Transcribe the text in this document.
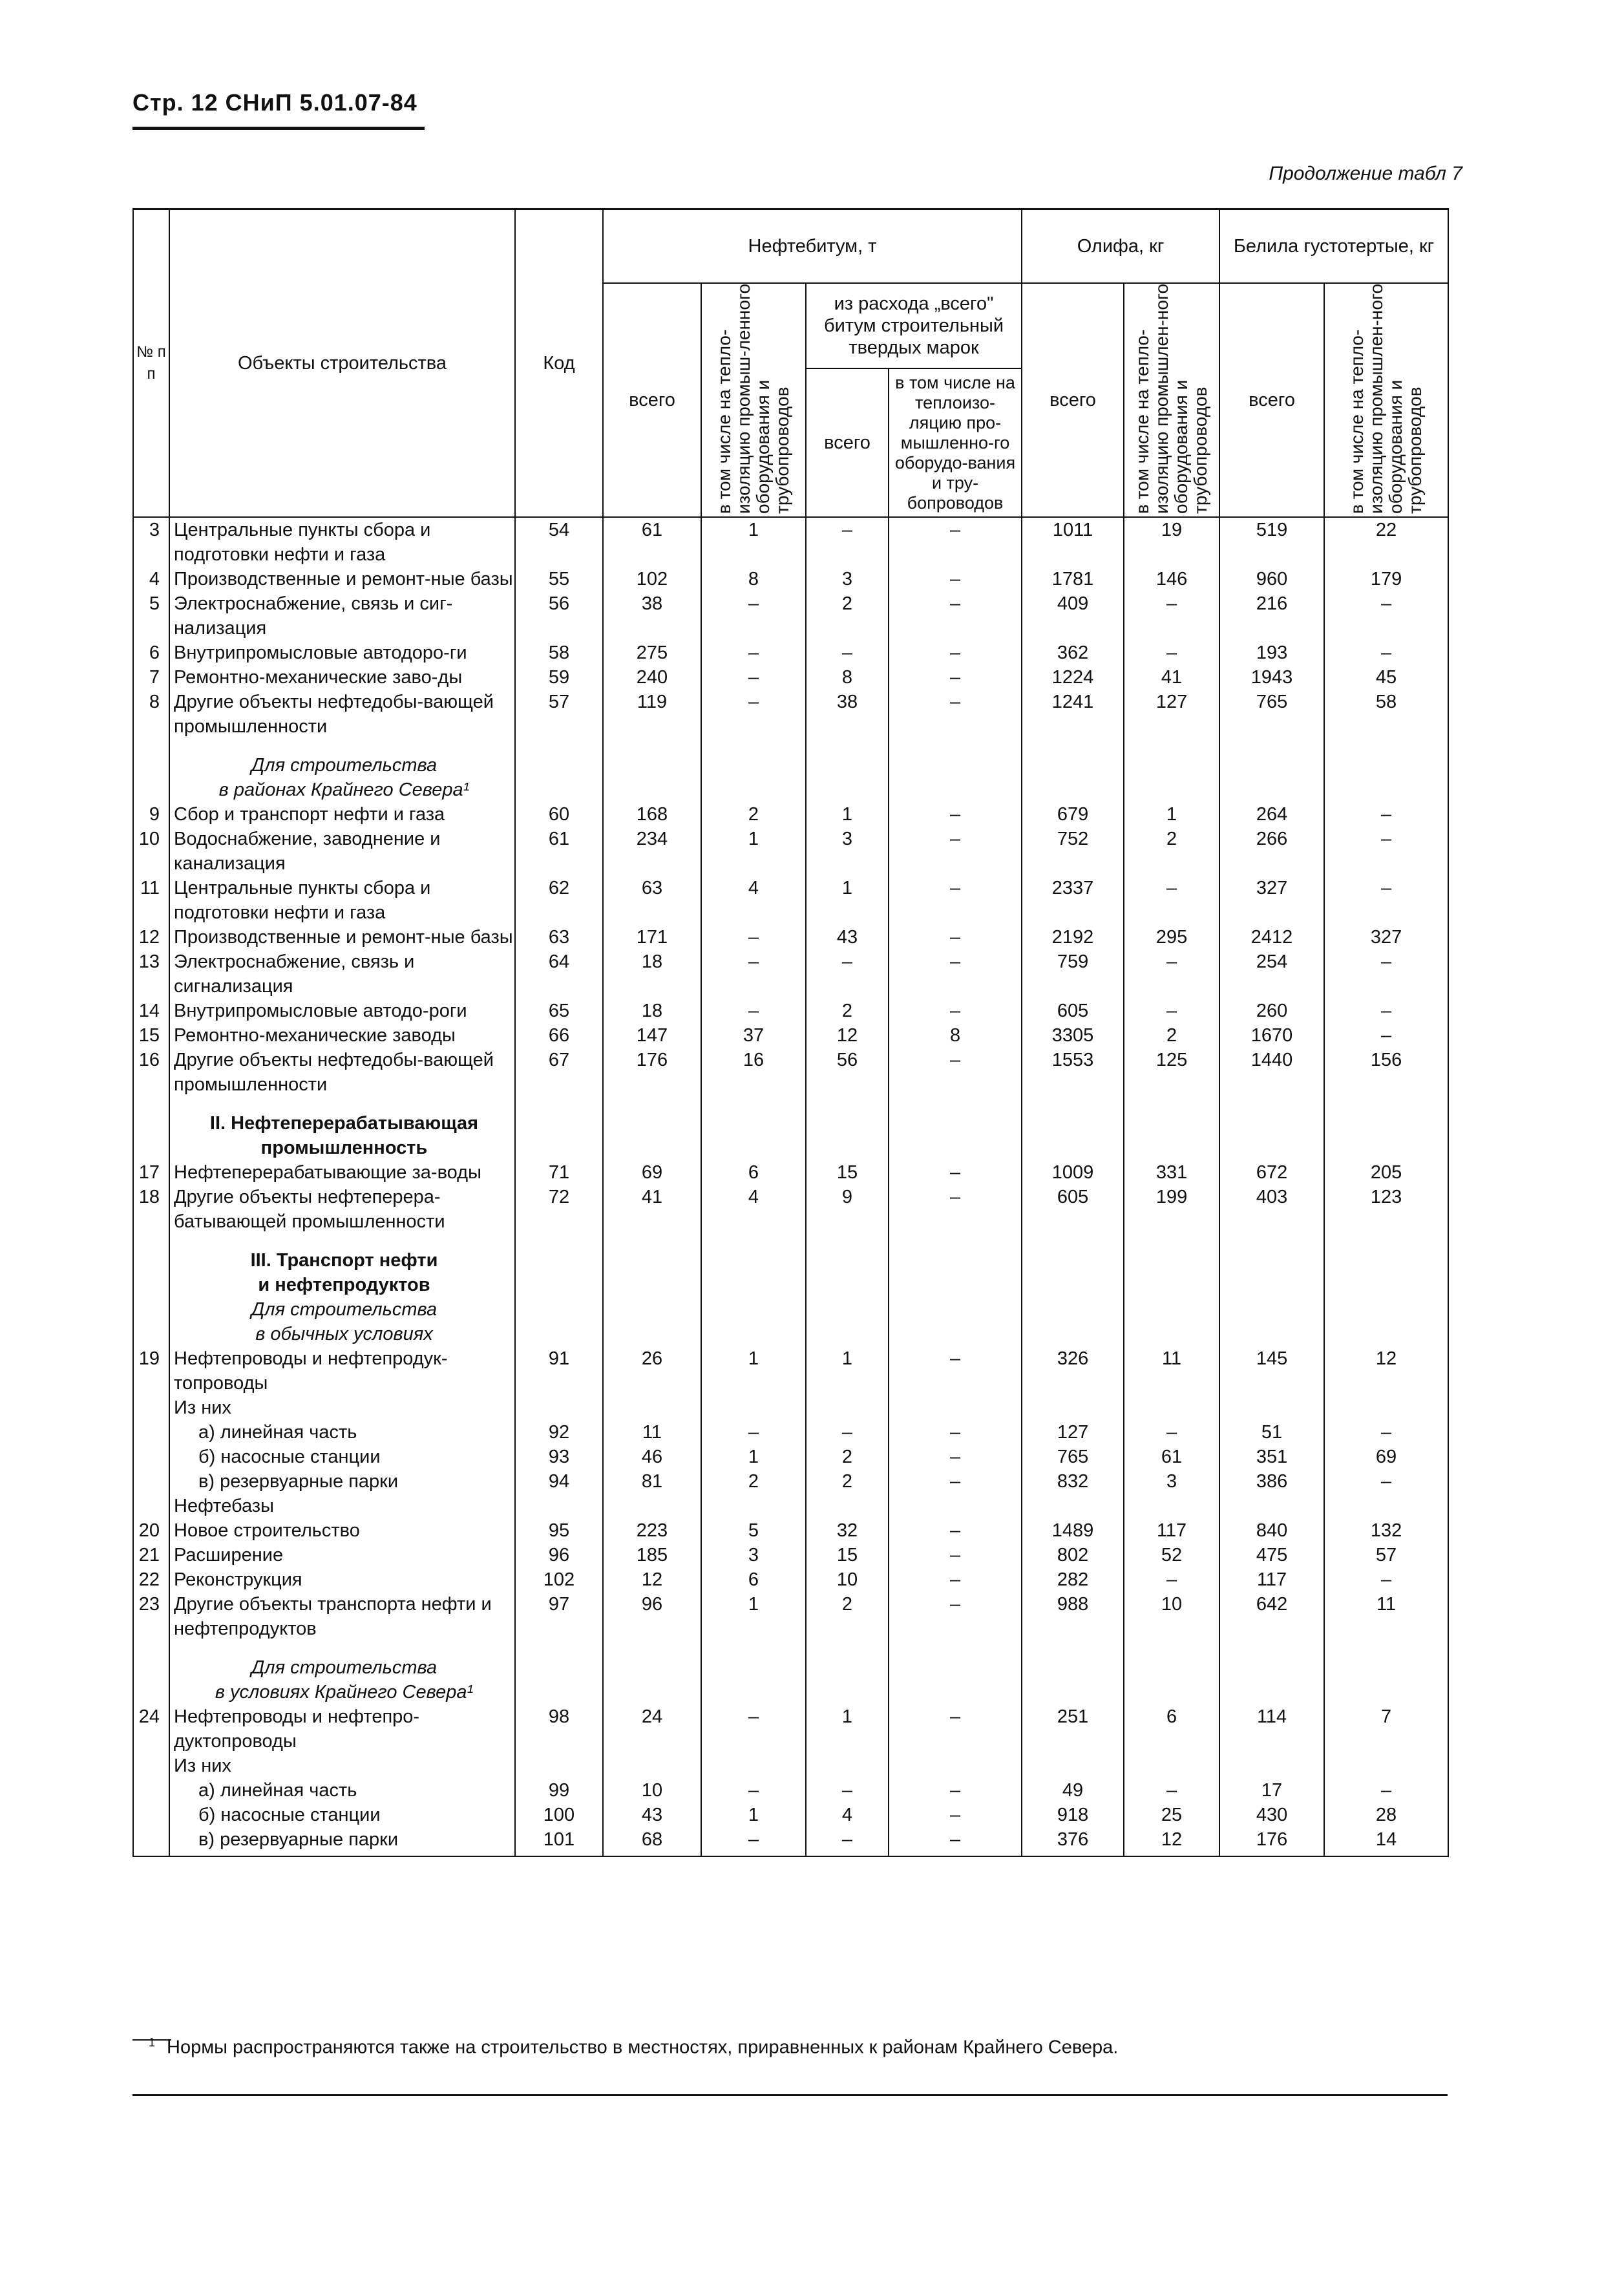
Стр. 12 СНиП 5.01.07-84
Продолжение табл 7
№ п п	Объекты строительства	Код	Нефтебитум, т				Олифа, кг		Белила густотертые, кг	
			всего	в том числе на тепло-изоляцию промыш-ленного оборудования и трубопроводов	из расхода „всего" битум строительный твердых марок		всего	в том числе на тепло-изоляцию промышлен-ного оборудования и трубопроводов	всего	в том числе на тепло-изоляцию промышлен-ного оборудования и трубопроводов
					всего	в том числе на теплоизо-ляцию про-мышленно-го оборудо-вания и тру-бопроводов				
3	Центральные пункты сбора и подготовки нефти и газа	54	61	1	–	–	1011	19	519	22
4	Производственные и ремонт-ные базы	55	102	8	3	–	1781	146	960	179
5	Электроснабжение, связь и сиг-нализация	56	38	–	2	–	409	–	216	–
6	Внутрипромысловые автодоро-ги	58	275	–	–	–	362	–	193	–
7	Ремонтно-механические заво-ды	59	240	–	8	–	1224	41	1943	45
8	Другие объекты нефтедобы-вающей промышленности	57	119	–	38	–	1241	127	765	58

	Для строительства
в районах Крайнего Севера¹									

9	Сбор и транспорт нефти и газа	60	168	2	1	–	679	1	264	–
10	Водоснабжение, заводнение и канализация	61	234	1	3	–	752	2	266	–
11	Центральные пункты сбора и подготовки нефти и газа	62	63	4	1	–	2337	–	327	–
12	Производственные и ремонт-ные базы	63	171	–	43	–	2192	295	2412	327
13	Электроснабжение, связь и сигнализация	64	18	–	–	–	759	–	254	–
14	Внутрипромысловые автодо-роги	65	18	–	2	–	605	–	260	–
15	Ремонтно-механические заводы	66	147	37	12	8	3305	2	1670	–
16	Другие объекты нефтедобы-вающей промышленности	67	176	16	56	–	1553	125	1440	156

	II. Нефтеперерабатывающая
промышленность									

17	Нефтеперерабатывающие за-воды	71	69	6	15	–	1009	331	672	205
18	Другие объекты нефтеперера-батывающей промышленности	72	41	4	9	–	605	199	403	123

	III. Транспорт нефти
и нефтепродуктов									

	Для строительства
в обычных условиях									

19	Нефтепроводы и нефтепродук-топроводы	91	26	1	1	–	326	11	145	12
	Из них									
	а) линейная часть	92	11	–	–	–	127	–	51	–
	б) насосные станции	93	46	1	2	–	765	61	351	69
	в) резервуарные парки	94	81	2	2	–	832	3	386	–
	Нефтебазы									
20	Новое строительство	95	223	5	32	–	1489	117	840	132
21	Расширение	96	185	3	15	–	802	52	475	57
22	Реконструкция	102	12	6	10	–	282	–	117	–
23	Другие объекты транспорта нефти и нефтепродуктов	97	96	1	2	–	988	10	642	11

	Для строительства
в условиях Крайнего Севера¹									

24	Нефтепроводы и нефтепро-дуктопроводы	98	24	–	1	–	251	6	114	7
	Из них									
	а) линейная часть	99	10	–	–	–	49	–	17	–
	б) насосные станции	100	43	1	4	–	918	25	430	28
	в) резервуарные парки	101	68	–	–	–	376	12	176	14
$^1$ Нормы распространяются также на строительство в местностях, приравненных к районам Крайнего Севера.
